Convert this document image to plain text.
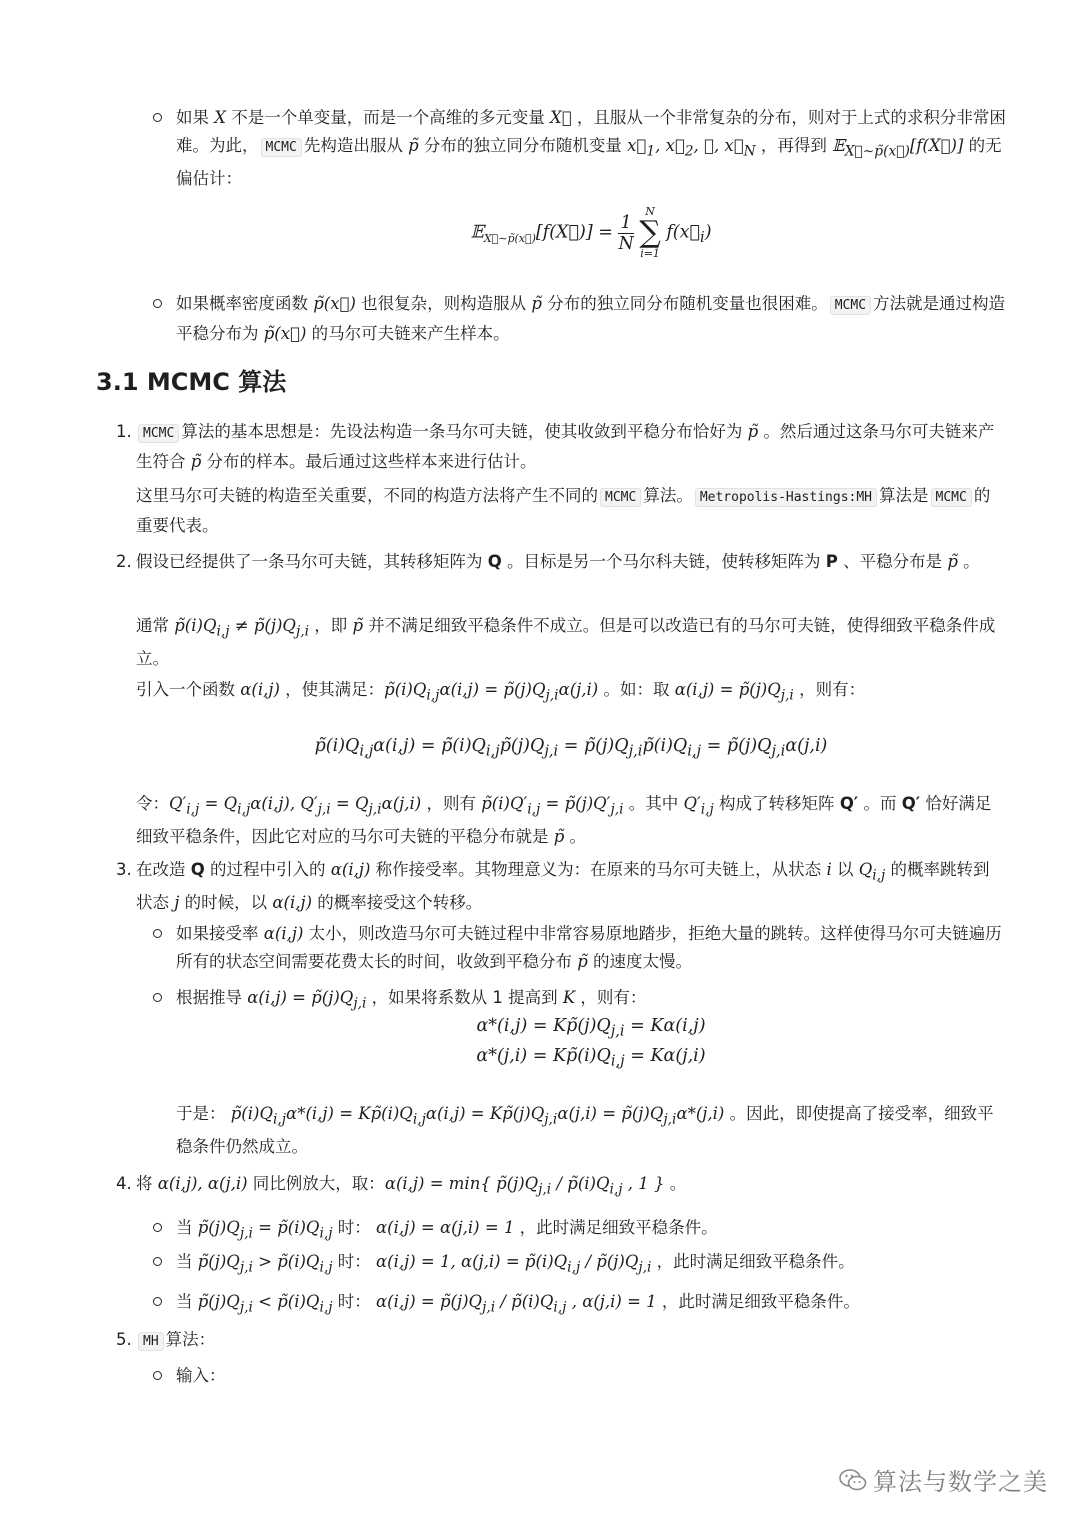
如果 X 不是一个单变量，而是一个高维的多元变量 X⃗ ，且服从一个非常复杂的分布，则对于上式的求积分非常困难。为此， MCMC 先构造出服从 p̃ 分布的独立同分布随机变量 $x⃗_1$, $x⃗_2$, ⋯, $x⃗_N$ ，再得到 𝔼$_{X⃗\sim p̃(x⃗)}$[f(X⃗)] 的无偏估计：

𝔼$_{X⃗\sim p̃(x⃗)}$[f(X⃗)] = 1

N
N
∑
i=1 $f(x⃗_i)$

如果概率密度函数 p̃(x⃗) 也很复杂，则构造服从 p̃ 分布的独立同分布随机变量也很困难。 MCMC 方法就是通过构造平稳分布为 p̃(x⃗) 的马尔可夫链来产生样本。

3.1 MCMC 算法
1. MCMC 算法的基本思想是：先设法构造一条马尔可夫链，使其收敛到平稳分布恰好为 p̃ 。然后通过这条马尔可夫链来产生符合 p̃ 分布的样本。最后通过这些样本来进行估计。

这里马尔可夫链的构造至关重要，不同的构造方法将产生不同的 MCMC 算法。 Metropolis-Hastings:MH 算法是 MCMC 的重要代表。

2. 假设已经提供了一条马尔可夫链，其转移矩阵为 Q 。目标是另一个马尔科夫链，使转移矩阵为 P 、平稳分布是 p̃ 。

通常 $p̃(i)Q_{i,j}$ ≠ $p̃(j)Q_{j,i}$ ，即 p̃ 并不满足细致平稳条件不成立。但是可以改造已有的马尔可夫链，使得细致平稳条件成立。

引入一个函数 α(i,j) ，使其满足：$p̃(i)Q_{i,j}\alpha(i,j)$ = $p̃(j)Q_{j,i}\alpha(j,i)$ 。如：取 $\alpha(i,j) = p̃(j)Q_{j,i}$ ，则有：

$p̃(i)Q_{i,j}\alpha(i,j)$ = $p̃(i)Q_{i,j}p̃(j)Q_{j,i}$ = $p̃(j)Q_{j,i}p̃(i)Q_{i,j}$ = $p̃(j)Q_{j,i}\alpha(j,i)$

令：$Q'_{i,j} = Q_{i,j}\alpha(i,j)$, $Q'_{j,i} = Q_{j,i}\alpha(j,i)$ ，则有 $p̃(i)Q'_{i,j}$ = $p̃(j)Q'_{j,i}$ 。其中 $Q'_{i,j}$ 构成了转移矩阵 Q′ 。而 Q′ 恰好满足细致平稳条件，因此它对应的马尔可夫链的平稳分布就是 p̃ 。

3. 在改造 Q 的过程中引入的 α(i,j) 称作接受率。其物理意义为：在原来的马尔可夫链上，从状态 i 以 $Q_{i,j}$ 的概率跳转到状态 j 的时候，以 α(i,j) 的概率接受这个转移。

如果接受率 α(i,j) 太小，则改造马尔可夫链过程中非常容易原地踏步，拒绝大量的跳转。这样使得马尔可夫链遍历所有的状态空间需要花费太长的时间，收敛到平稳分布 p̃ 的速度太慢。

根据推导 $\alpha(i,j) = p̃(j)Q_{j,i}$ ，如果将系数从 1 提高到 K ，则有：

$\alpha*(i,j) = Kp̃(j)Q_{j,i} = K\alpha(i,j)$
$\alpha*(j,i) = Kp̃(i)Q_{i,j} = K\alpha(j,i)$

于是： $p̃(i)Q_{i,j}\alpha*(i,j)$ = $Kp̃(i)Q_{i,j}\alpha(i,j)$ = $Kp̃(j)Q_{j,i}\alpha(j,i)$ = $p̃(j)Q_{j,i}\alpha*(j,i)$ 。因此，即使提高了接受率，细致平稳条件仍然成立。

4. 将 α(i,j), α(j,i) 同比例放大，取：α(i,j) = min{ $p̃(j)Q_{j,i}$ / $p̃(i)Q_{i,j}$ , 1 } 。

当 $p̃(j)Q_{j,i}$ = $p̃(i)Q_{i,j}$ 时： α(i,j) = α(j,i) = 1 ，此时满足细致平稳条件。

当 $p̃(j)Q_{j,i}$ > $p̃(i)Q_{i,j}$ 时： α(i,j) = 1, $\alpha(j,i) = p̃(i)Q_{i,j}$ / $p̃(j)Q_{j,i}$ ，此时满足细致平稳条件。

当 $p̃(j)Q_{j,i}$ < $p̃(i)Q_{i,j}$ 时： $\alpha(i,j) = p̃(j)Q_{j,i}$ / $p̃(i)Q_{i,j}$ , α(j,i) = 1 ，此时满足细致平稳条件。

5. MH 算法：

输入：

算法与数学之美
